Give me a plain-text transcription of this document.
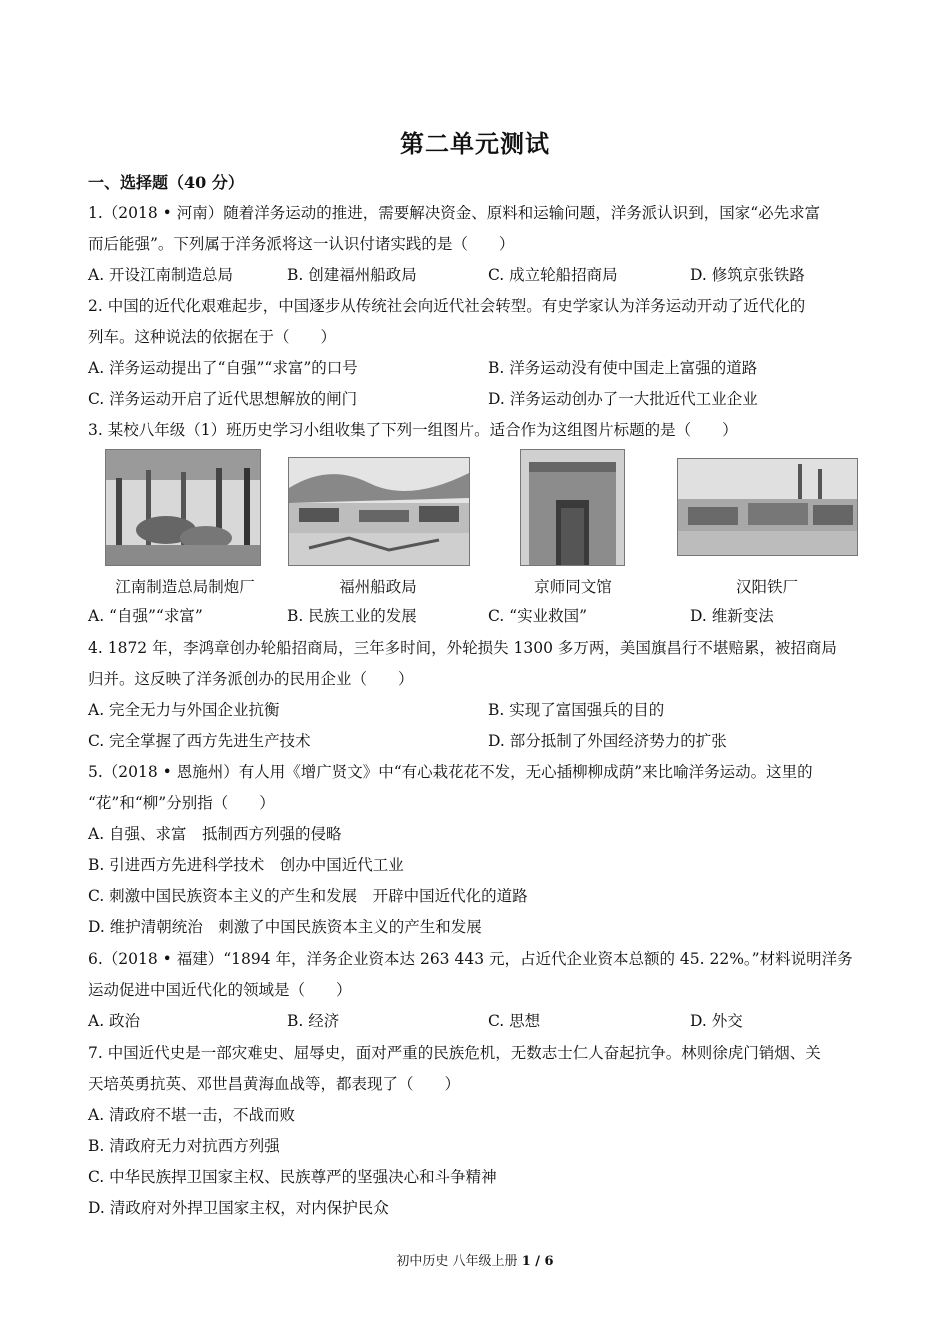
第二单元测试
一、选择题（40 分）
1.（2018 • 河南）随着洋务运动的推进，需要解决资金、原料和运输问题，洋务派认识到，国家“必先求富
而后能强”。下列属于洋务派将这一认识付诸实践的是（　　）
A. 开设江南制造总局	B. 创建福州船政局	C. 成立轮船招商局	D. 修筑京张铁路
2. 中国的近代化艰难起步，中国逐步从传统社会向近代社会转型。有史学家认为洋务运动开动了近代化的
列车。这种说法的依据在于（　　）
A. 洋务运动提出了“自强”“求富”的口号	B. 洋务运动没有使中国走上富强的道路
C. 洋务运动开启了近代思想解放的闸门	D. 洋务运动创办了一大批近代工业企业
3. 某校八年级（1）班历史学习小组收集了下列一组图片。适合作为这组图片标题的是（　　）
江南制造总局制炮厂	福州船政局	京师同文馆	汉阳铁厂
A. “自强”“求富”	B. 民族工业的发展	C. “实业救国”	D. 维新变法
4. 1872 年，李鸿章创办轮船招商局，三年多时间，外轮损失 1300 多万两，美国旗昌行不堪赔累，被招商局
归并。这反映了洋务派创办的民用企业（　　）
A. 完全无力与外国企业抗衡	B. 实现了富国强兵的目的
C. 完全掌握了西方先进生产技术	D. 部分抵制了外国经济势力的扩张
5.（2018 • 恩施州）有人用《增广贤文》中“有心栽花花不发，无心插柳柳成荫”来比喻洋务运动。这里的
“花”和“柳”分别指（　　）
A. 自强、求富　抵制西方列强的侵略
B. 引进西方先进科学技术　创办中国近代工业
C. 刺激中国民族资本主义的产生和发展　开辟中国近代化的道路
D. 维护清朝统治　刺激了中国民族资本主义的产生和发展
6.（2018 • 福建）“1894 年，洋务企业资本达 263 443 元，占近代企业资本总额的 45. 22%。”材料说明洋务
运动促进中国近代化的领域是（　　）
A. 政治	B. 经济	C. 思想	D. 外交
7. 中国近代史是一部灾难史、屈辱史，面对严重的民族危机，无数志士仁人奋起抗争。林则徐虎门销烟、关
天培英勇抗英、邓世昌黄海血战等，都表现了（　　）
A. 清政府不堪一击，不战而败
B. 清政府无力对抗西方列强
C. 中华民族捍卫国家主权、民族尊严的坚强决心和斗争精神
D. 清政府对外捍卫国家主权，对内保护民众
初中历史 八年级上册 1 / 6
